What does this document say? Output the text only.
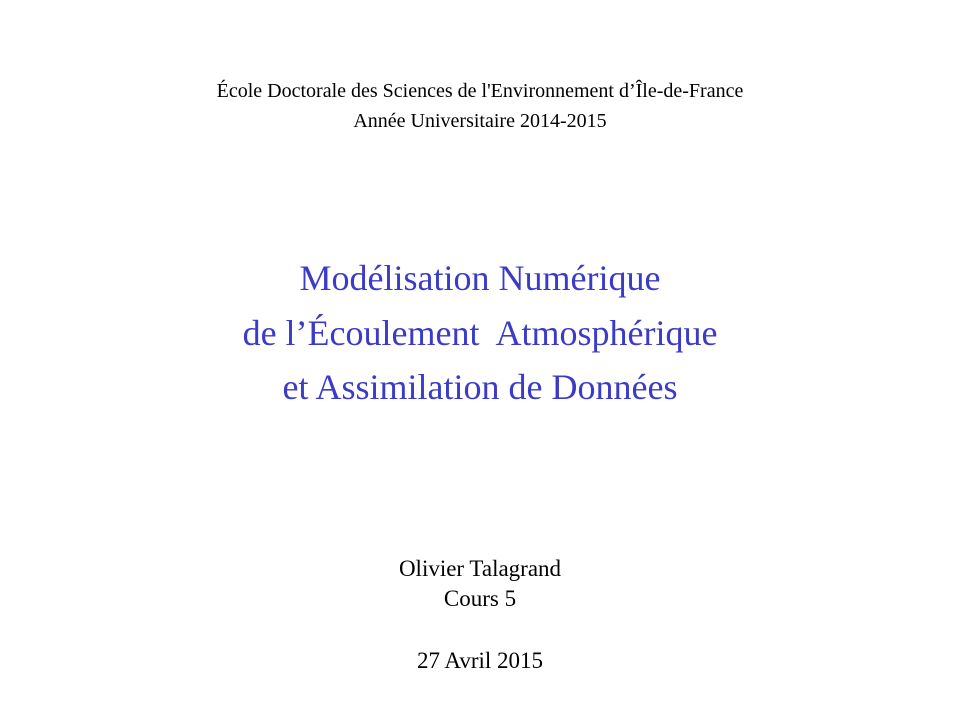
École Doctorale des Sciences de l'Environnement d’Île-de-France
Année Universitaire 2014-2015
Modélisation Numérique
de l’Écoulement  Atmosphérique
et Assimilation de Données
Olivier Talagrand
Cours 5
27 Avril 2015
